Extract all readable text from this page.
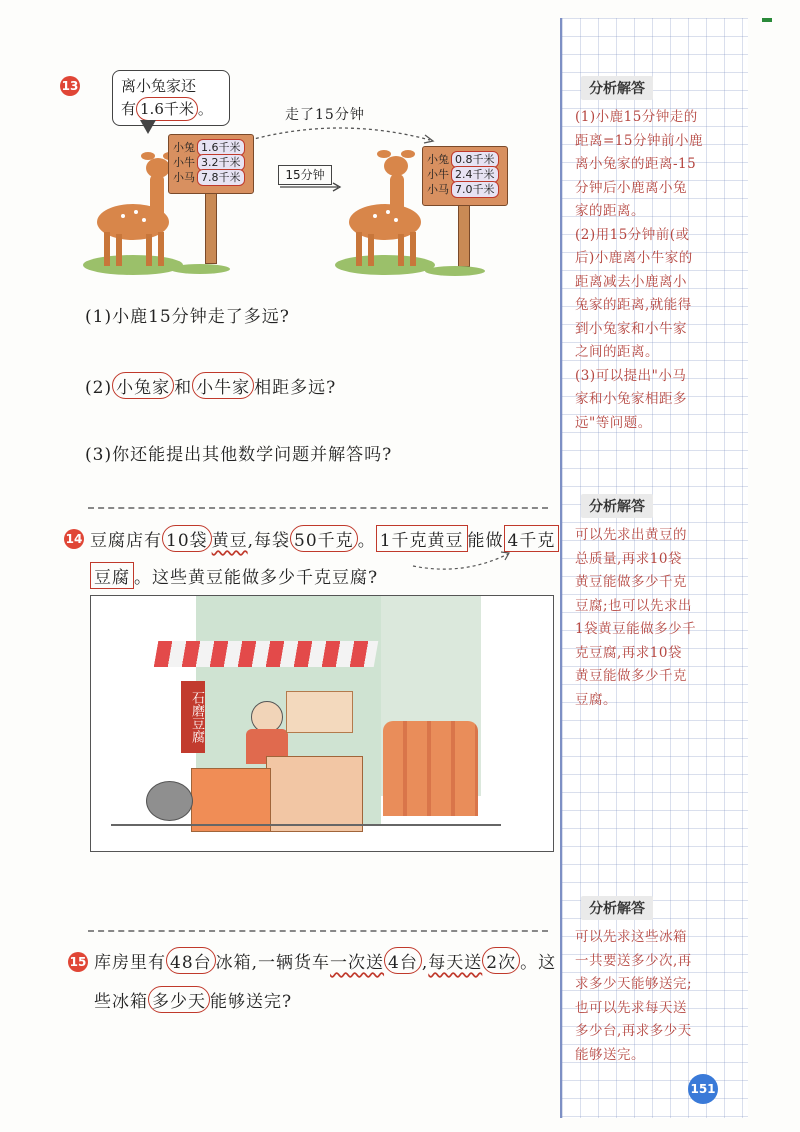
13	离小兔家还
有 1.6千米 。	走了15分钟
小兔 1.6千米
小牛 3.2千米
小马 7.8千米	15分钟
小兔 0.8千米
小牛 2.4千米
小马 7.0千米
(1)小鹿15分钟走了多远?
(2) 小兔家 和 小牛家 相距多远?
(3)你还能提出其他数学问题并解答吗?
分析解答
(1)小鹿15分钟走的
距离=15分钟前小鹿
离小兔家的距离-15
分钟后小鹿离小兔
家的距离。
(2)用15分钟前(或
后)小鹿离小牛家的
距离减去小鹿离小
兔家的距离,就能得
到小兔家和小牛家
之间的距离。
(3)可以提出"小马
家和小兔家相距多
远"等问题。
14 豆腐店有 10袋 黄豆,每袋 50千克 。 1千克黄豆 能做 4千克
豆腐 。这些黄豆能做多少千克豆腐?
石磨豆腐
分析解答
可以先求出黄豆的
总质量,再求10袋
黄豆能做多少千克
豆腐;也可以先求出
1袋黄豆能做多少千
克豆腐,再求10袋
黄豆能做多少千克
豆腐。
15 库房里有 48台 冰箱,一辆货车一次送 4台 ,每天送 2次 。这
些冰箱 多少天 能够送完?
分析解答
可以先求这些冰箱
一共要送多少次,再
求多少天能够送完;
也可以先求每天送
多少台,再求多少天
能够送完。
151
